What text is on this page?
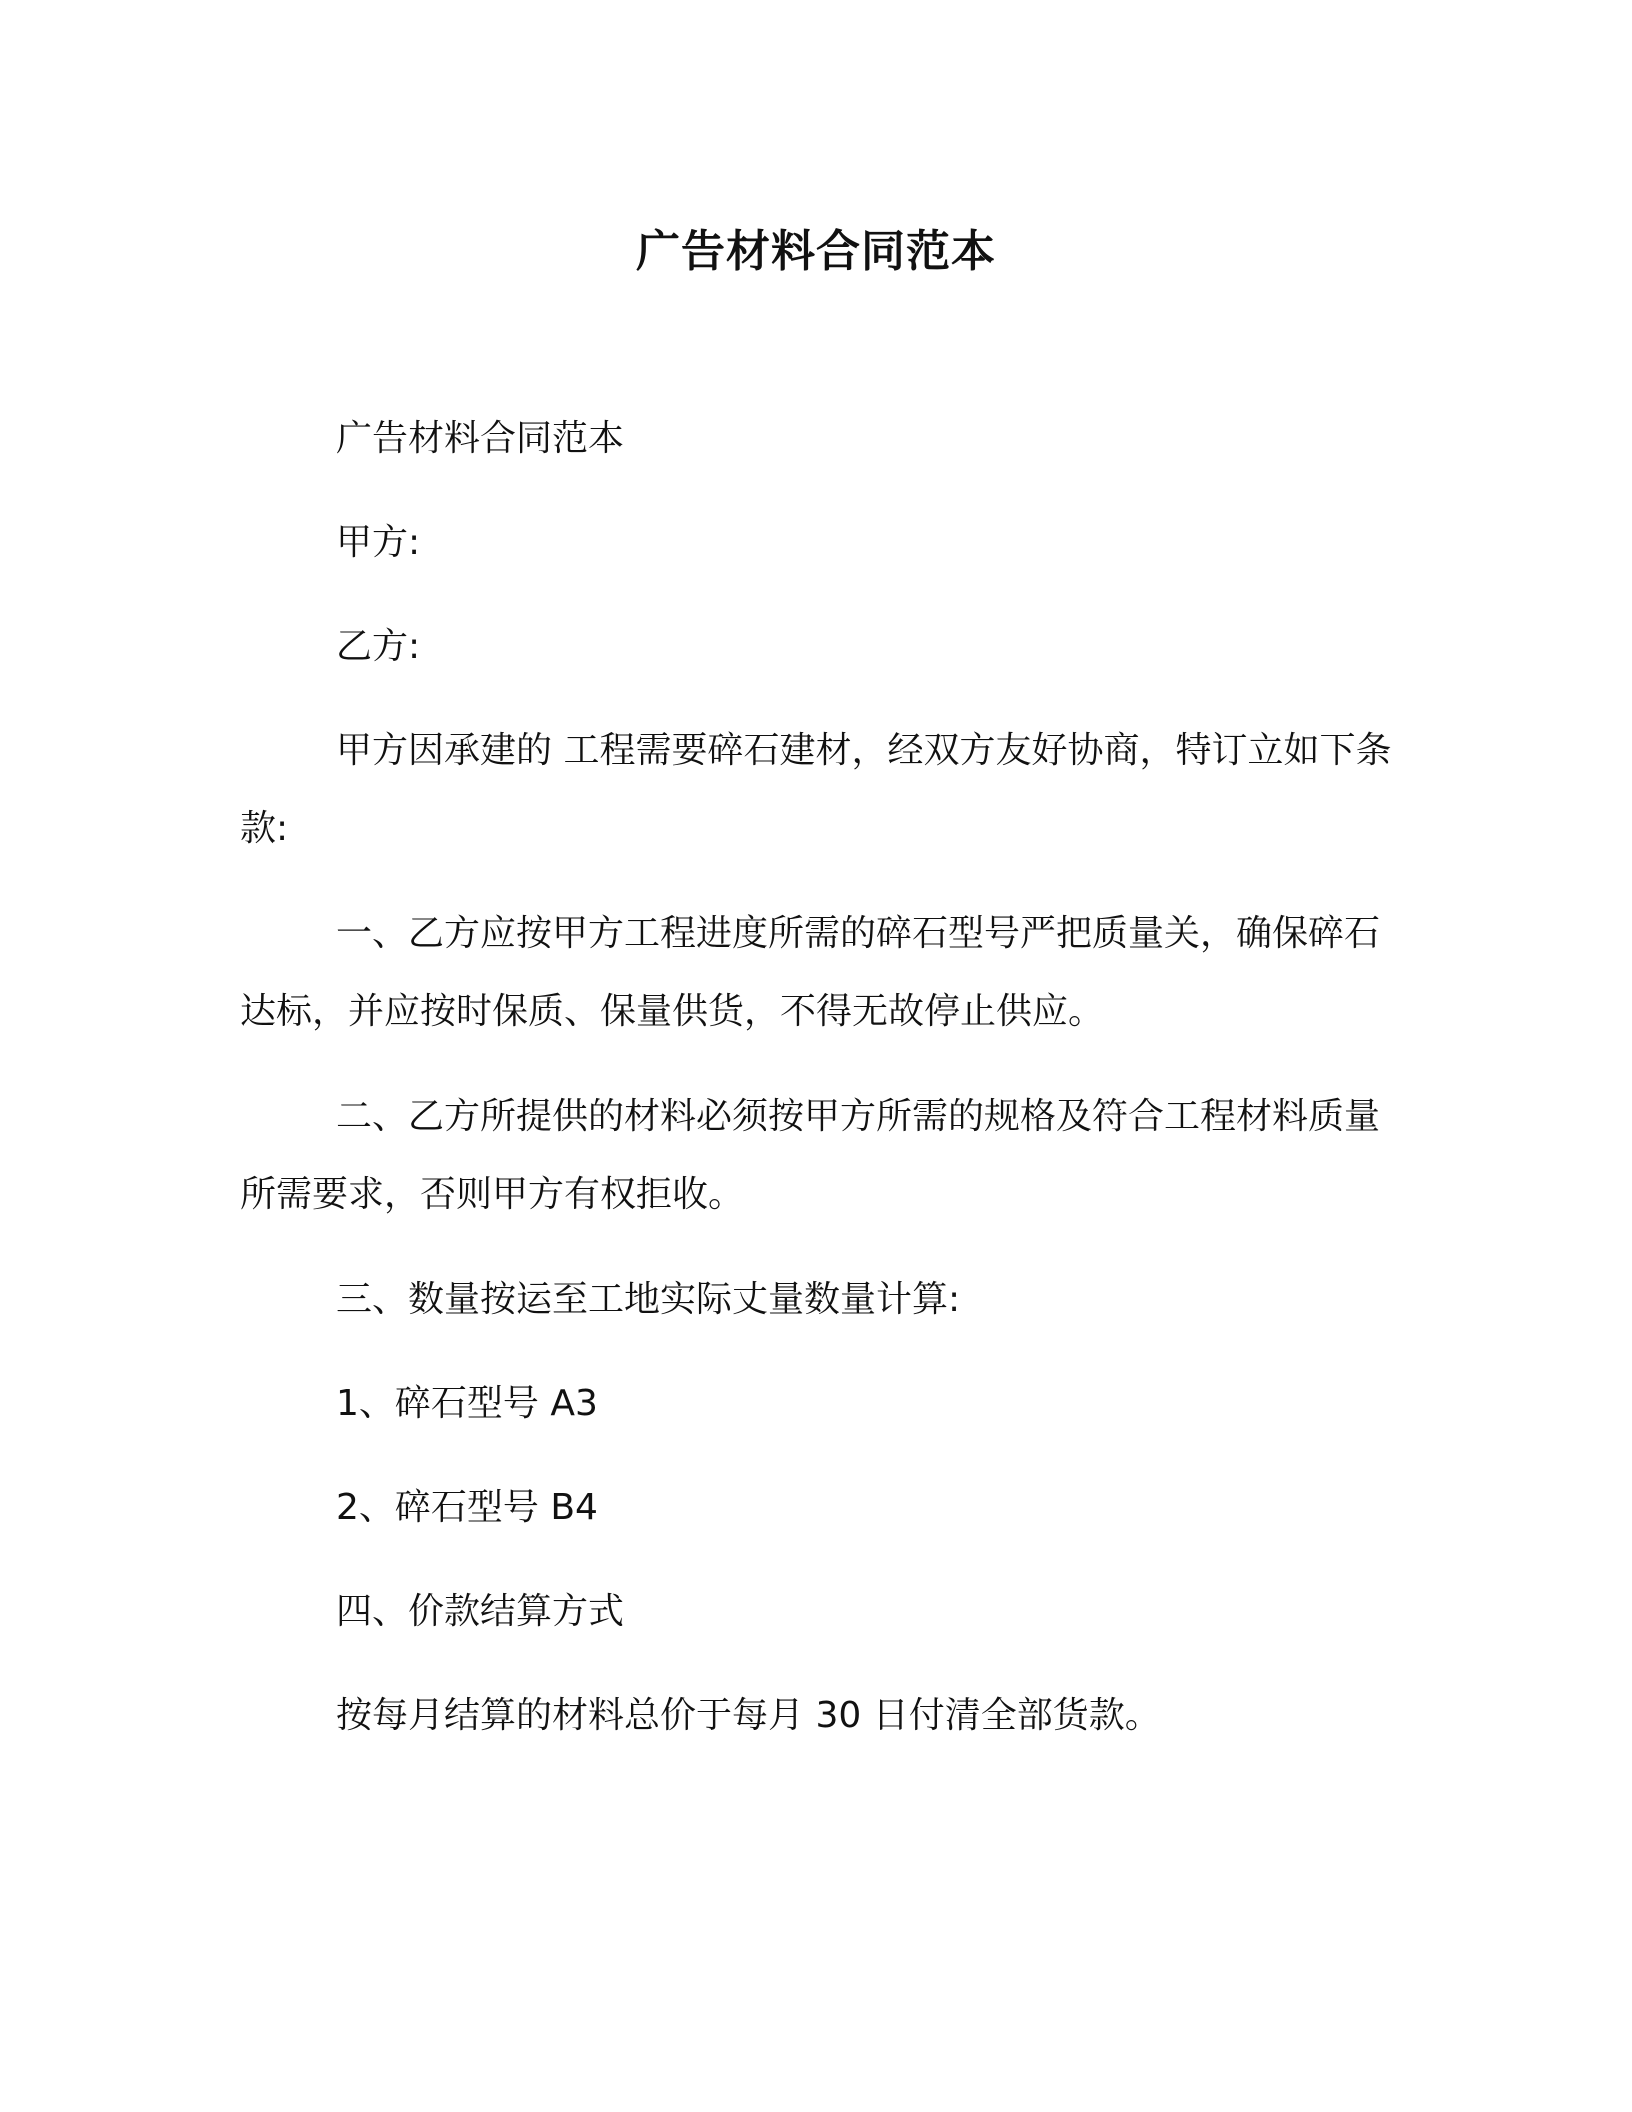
广告材料合同范本

广告材料合同范本

甲方:

乙方:

甲方因承建的 工程需要碎石建材，经双方友好协商，特订立如下条款:

一、乙方应按甲方工程进度所需的碎石型号严把质量关，确保碎石达标，并应按时保质、保量供货，不得无故停止供应。

二、乙方所提供的材料必须按甲方所需的规格及符合工程材料质量所需要求，否则甲方有权拒收。

三、数量按运至工地实际丈量数量计算:

1、碎石型号 A3

2、碎石型号 B4

四、价款结算方式

按每月结算的材料总价于每月 30 日付清全部货款。
